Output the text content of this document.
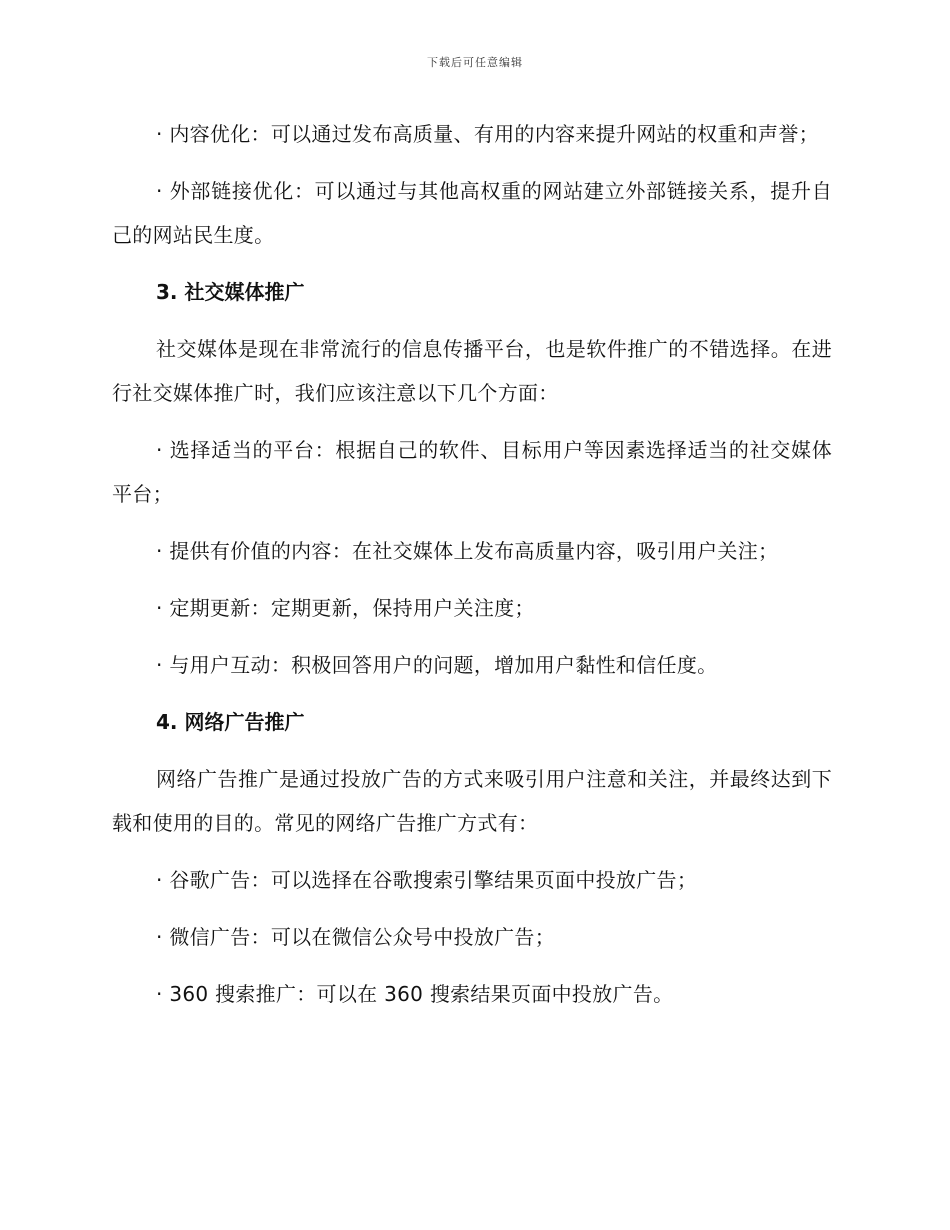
下载后可任意编辑

· 内容优化：可以通过发布高质量、有用的内容来提升网站的权重和声誉；

· 外部链接优化：可以通过与其他高权重的网站建立外部链接关系，提升自己的网站民生度。

3. 社交媒体推广

社交媒体是现在非常流行的信息传播平台，也是软件推广的不错选择。在进行社交媒体推广时，我们应该注意以下几个方面：

· 选择适当的平台：根据自己的软件、目标用户等因素选择适当的社交媒体平台；

· 提供有价值的内容：在社交媒体上发布高质量内容，吸引用户关注；

· 定期更新：定期更新，保持用户关注度；

· 与用户互动：积极回答用户的问题，增加用户黏性和信任度。

4. 网络广告推广

网络广告推广是通过投放广告的方式来吸引用户注意和关注，并最终达到下载和使用的目的。常见的网络广告推广方式有：

· 谷歌广告：可以选择在谷歌搜索引擎结果页面中投放广告；

· 微信广告：可以在微信公众号中投放广告；

· 360 搜索推广：可以在 360 搜索结果页面中投放广告。
